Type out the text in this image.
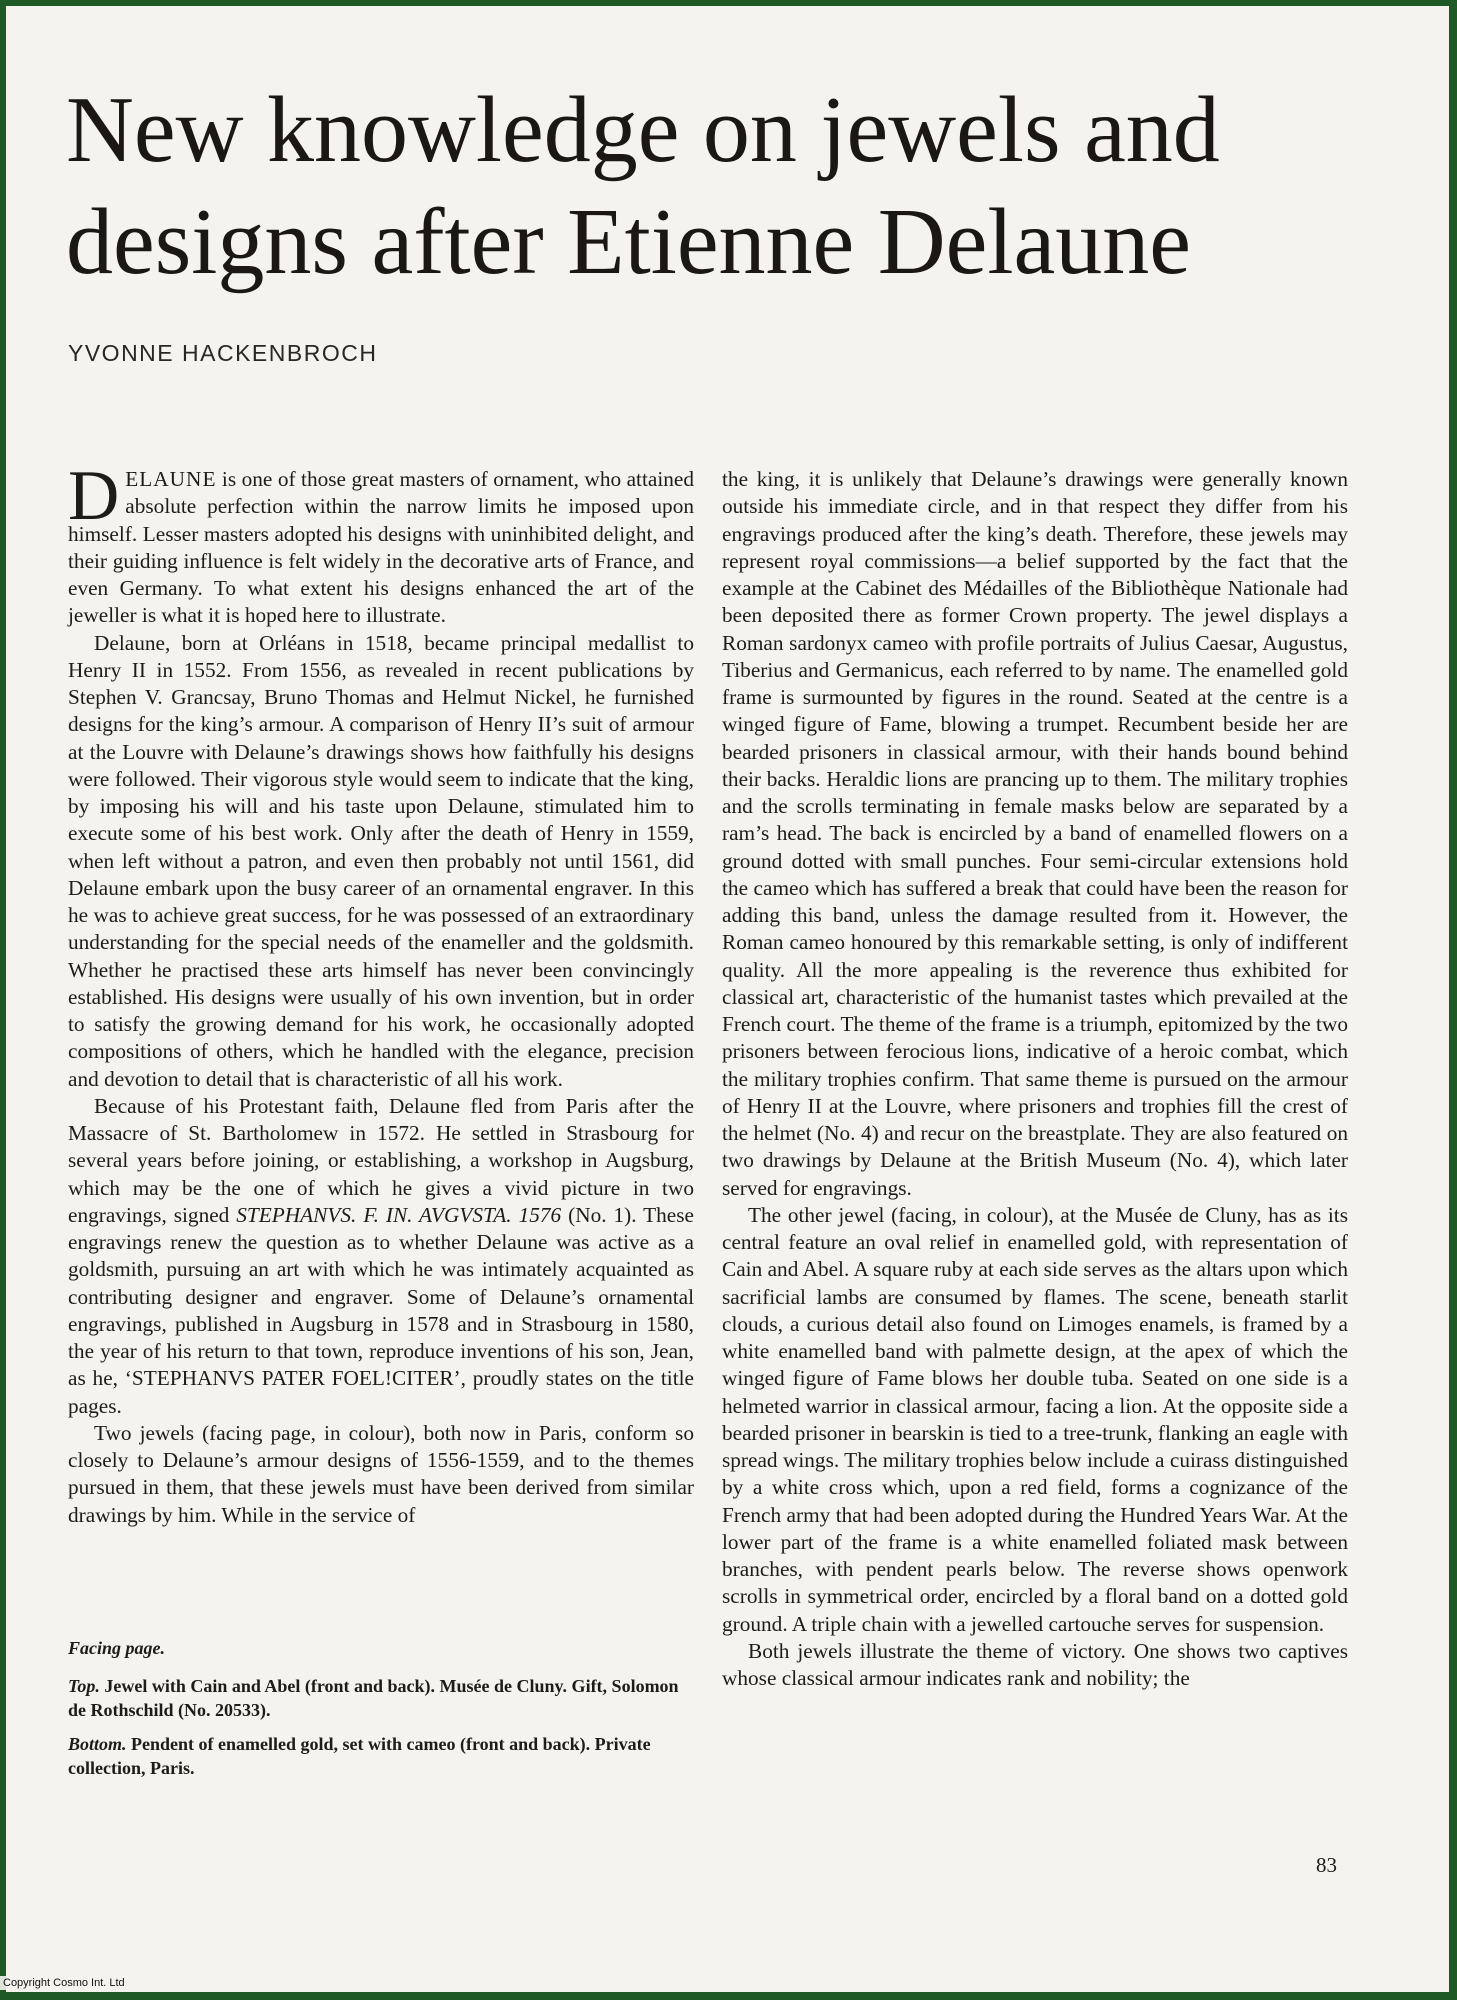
New knowledge on jewels and
designs after Etienne Delaune
YVONNE HACKENBROCH

DELAUNE is one of those great masters of ornament, who attained absolute perfection within the narrow limits he imposed upon himself. Lesser masters adopted his designs with uninhibited delight, and their guiding influence is felt widely in the decorative arts of France, and even Germany. To what extent his designs enhanced the art of the jeweller is what it is hoped here to illustrate.

Delaune, born at Orléans in 1518, became principal medallist to Henry II in 1552. From 1556, as revealed in recent publications by Stephen V. Grancsay, Bruno Thomas and Helmut Nickel, he furnished designs for the king’s armour. A comparison of Henry II’s suit of armour at the Louvre with Delaune’s drawings shows how faithfully his designs were followed. Their vigorous style would seem to indicate that the king, by imposing his will and his taste upon Delaune, stimulated him to execute some of his best work. Only after the death of Henry in 1559, when left without a patron, and even then probably not until 1561, did Delaune embark upon the busy career of an ornamental engraver. In this he was to achieve great success, for he was possessed of an extraordinary understanding for the special needs of the enameller and the goldsmith. Whether he practised these arts himself has never been convincingly established. His designs were usually of his own invention, but in order to satisfy the growing demand for his work, he occasionally adopted compositions of others, which he handled with the elegance, precision and devotion to detail that is characteristic of all his work.

Because of his Protestant faith, Delaune fled from Paris after the Massacre of St. Bartholomew in 1572. He settled in Strasbourg for several years before joining, or establishing, a workshop in Augsburg, which may be the one of which he gives a vivid picture in two engravings, signed STEPHANVS. F. IN. AVGVSTA. 1576 (No. 1). These engravings renew the question as to whether Delaune was active as a goldsmith, pursuing an art with which he was intimately acquainted as contributing designer and engraver. Some of Delaune’s ornamental engravings, published in Augsburg in 1578 and in Strasbourg in 1580, the year of his return to that town, reproduce inventions of his son, Jean, as he, ‘STEPHANVS PATER FOEL!CITER’, proudly states on the title pages.

Two jewels (facing page, in colour), both now in Paris, conform so closely to Delaune’s armour designs of 1556-1559, and to the themes pursued in them, that these jewels must have been derived from similar drawings by him. While in the service of

Facing page.

Top. Jewel with Cain and Abel (front and back). Musée de Cluny. Gift, Solomon de Rothschild (No. 20533).

Bottom. Pendent of enamelled gold, set with cameo (front and back). Private collection, Paris.

the king, it is unlikely that Delaune’s drawings were generally known outside his immediate circle, and in that respect they differ from his engravings produced after the king’s death. Therefore, these jewels may represent royal commissions—a belief supported by the fact that the example at the Cabinet des Médailles of the Bibliothèque Nationale had been deposited there as former Crown property. The jewel displays a Roman sardonyx cameo with profile portraits of Julius Caesar, Augustus, Tiberius and Germanicus, each referred to by name. The enamelled gold frame is surmounted by figures in the round. Seated at the centre is a winged figure of Fame, blowing a trumpet. Recumbent beside her are bearded prisoners in classical armour, with their hands bound behind their backs. Heraldic lions are prancing up to them. The military trophies and the scrolls terminating in female masks below are separated by a ram’s head. The back is encircled by a band of enamelled flowers on a ground dotted with small punches. Four semi-circular extensions hold the cameo which has suffered a break that could have been the reason for adding this band, unless the damage resulted from it. However, the Roman cameo honoured by this remarkable setting, is only of indifferent quality. All the more appealing is the reverence thus exhibited for classical art, characteristic of the humanist tastes which prevailed at the French court. The theme of the frame is a triumph, epitomized by the two prisoners between ferocious lions, indicative of a heroic combat, which the military trophies confirm. That same theme is pursued on the armour of Henry II at the Louvre, where prisoners and trophies fill the crest of the helmet (No. 4) and recur on the breastplate. They are also featured on two drawings by Delaune at the British Museum (No. 4), which later served for engravings.

The other jewel (facing, in colour), at the Musée de Cluny, has as its central feature an oval relief in enamelled gold, with representation of Cain and Abel. A square ruby at each side serves as the altars upon which sacrificial lambs are consumed by flames. The scene, beneath starlit clouds, a curious detail also found on Limoges enamels, is framed by a white enamelled band with palmette design, at the apex of which the winged figure of Fame blows her double tuba. Seated on one side is a helmeted warrior in classical armour, facing a lion. At the opposite side a bearded prisoner in bearskin is tied to a tree-trunk, flanking an eagle with spread wings. The military trophies below include a cuirass distinguished by a white cross which, upon a red field, forms a cognizance of the French army that had been adopted during the Hundred Years War. At the lower part of the frame is a white enamelled foliated mask between branches, with pendent pearls below. The reverse shows openwork scrolls in symmetrical order, encircled by a floral band on a dotted gold ground. A triple chain with a jewelled cartouche serves for suspension.

Both jewels illustrate the theme of victory. One shows two captives whose classical armour indicates rank and nobility; the

83
Copyright Cosmo Int. Ltd
